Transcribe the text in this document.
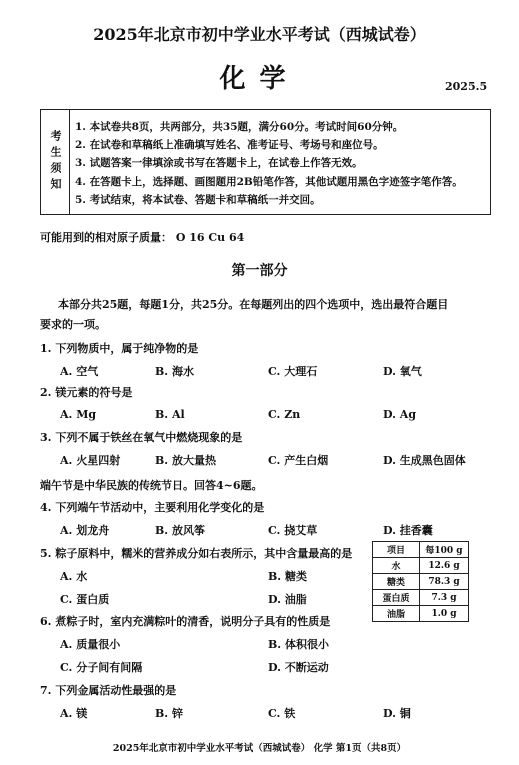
2025年北京市初中学业水平考试（西城试卷）
化学	2025.5
考生须知
1. 本试卷共8页，共两部分，共35题，满分60分。考试时间60分钟。
2. 在试卷和草稿纸上准确填写姓名、准考证号、考场号和座位号。
3. 试题答案一律填涂或书写在答题卡上，在试卷上作答无效。
4. 在答题卡上，选择题、画图题用2B铅笔作答，其他试题用黑色字迹签字笔作答。
5. 考试结束，将本试卷、答题卡和草稿纸一并交回。
可能用到的相对原子质量： O 16 Cu 64
第一部分
本部分共25题，每题1分，共25分。在每题列出的四个选项中，选出最符合题目
要求的一项。
1. 下列物质中，属于纯净物的是
A. 空气	B. 海水	C. 大理石	D. 氧气
2. 镁元素的符号是
A. Mg	B. Al	C. Zn	D. Ag
3. 下列不属于铁丝在氧气中燃烧现象的是
A. 火星四射	B. 放大量热	C. 产生白烟	D. 生成黑色固体
端午节是中华民族的传统节日。回答4~6题。
4. 下列端午节活动中，主要利用化学变化的是
A. 划龙舟	B. 放风筝	C. 挠艾草	D. 挂香囊
5. 粽子原料中，糯米的营养成分如右表所示，其中含量最高的是
A. 水	B. 糖类
C. 蛋白质	D. 油脂
项目	每100 g
水	12.6 g
糖类	78.3 g
蛋白质	7.3 g
油脂	1.0 g
6. 煮粽子时，室内充满粽叶的清香，说明分子具有的性质是
A. 质量很小	B. 体积很小
C. 分子间有间隔	D. 不断运动
7. 下列金属活动性最强的是
A. 镁	B. 锌	C. 铁	D. 铜
2025年北京市初中学业水平考试（西城试卷） 化学 第1页（共8页）
